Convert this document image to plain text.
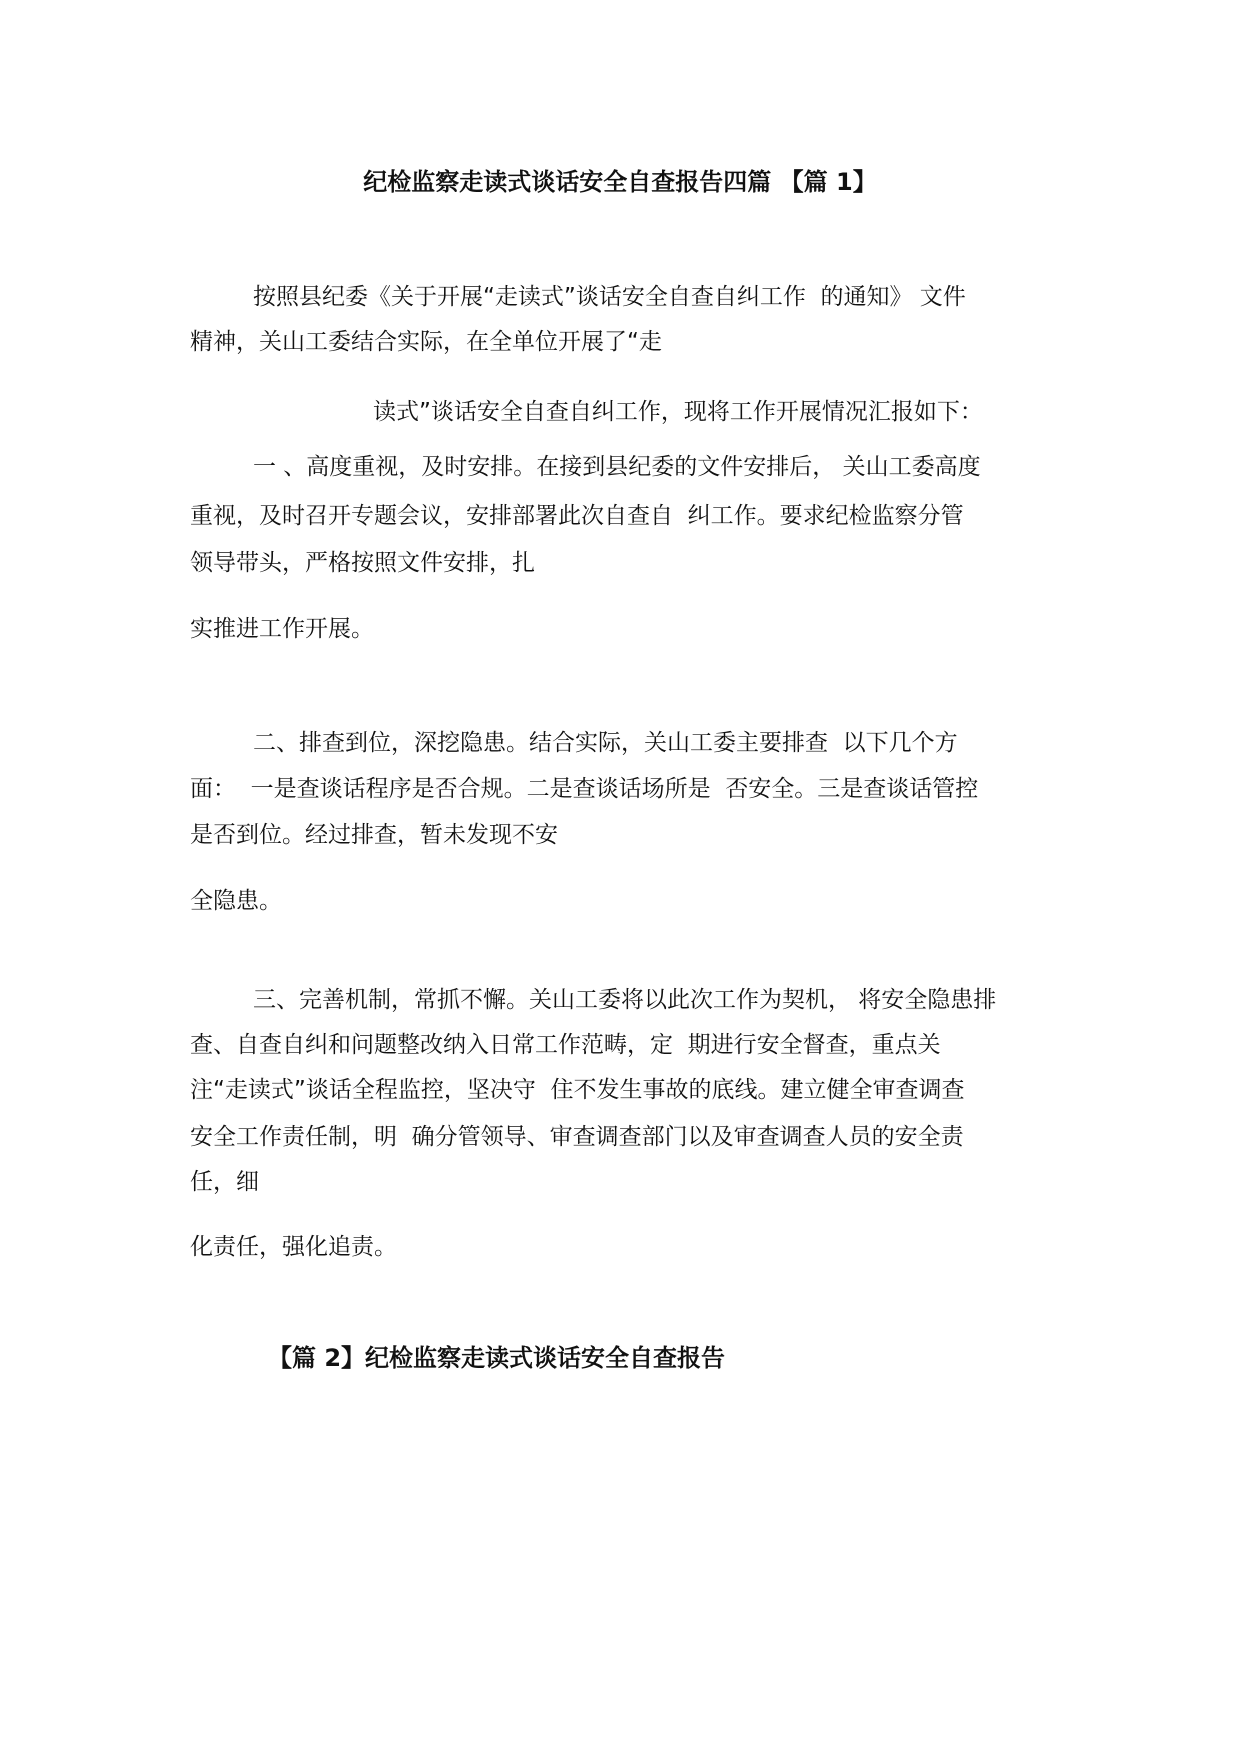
纪检监察走读式谈话安全自查报告四篇 【篇 1】
按照县纪委《关于开展“走读式”谈话安全自查自纠工作  的通知》 文件
精神，关山工委结合实际，在全单位开展了“走
读式”谈话安全自查自纠工作，现将工作开展情况汇报如下：
一 、高度重视，及时安排。在接到县纪委的文件安排后， 关山工委高度
重视，及时召开专题会议，安排部署此次自查自  纠工作。要求纪检监察分管
领导带头，严格按照文件安排，扎
实推进工作开展。
二、排查到位，深挖隐患。结合实际，关山工委主要排查  以下几个方
面：  一是查谈话程序是否合规。二是查谈话场所是  否安全。三是查谈话管控
是否到位。经过排查，暂未发现不安
全隐患。
三、完善机制，常抓不懈。关山工委将以此次工作为契机， 将安全隐患排
查、自查自纠和问题整改纳入日常工作范畴，定  期进行安全督查，重点关
注“走读式”谈话全程监控，坚决守  住不发生事故的底线。建立健全审查调查
安全工作责任制，明  确分管领导、审查调查部门以及审查调查人员的安全责
任，细
化责任，强化追责。
【篇 2】纪检监察走读式谈话安全自查报告
